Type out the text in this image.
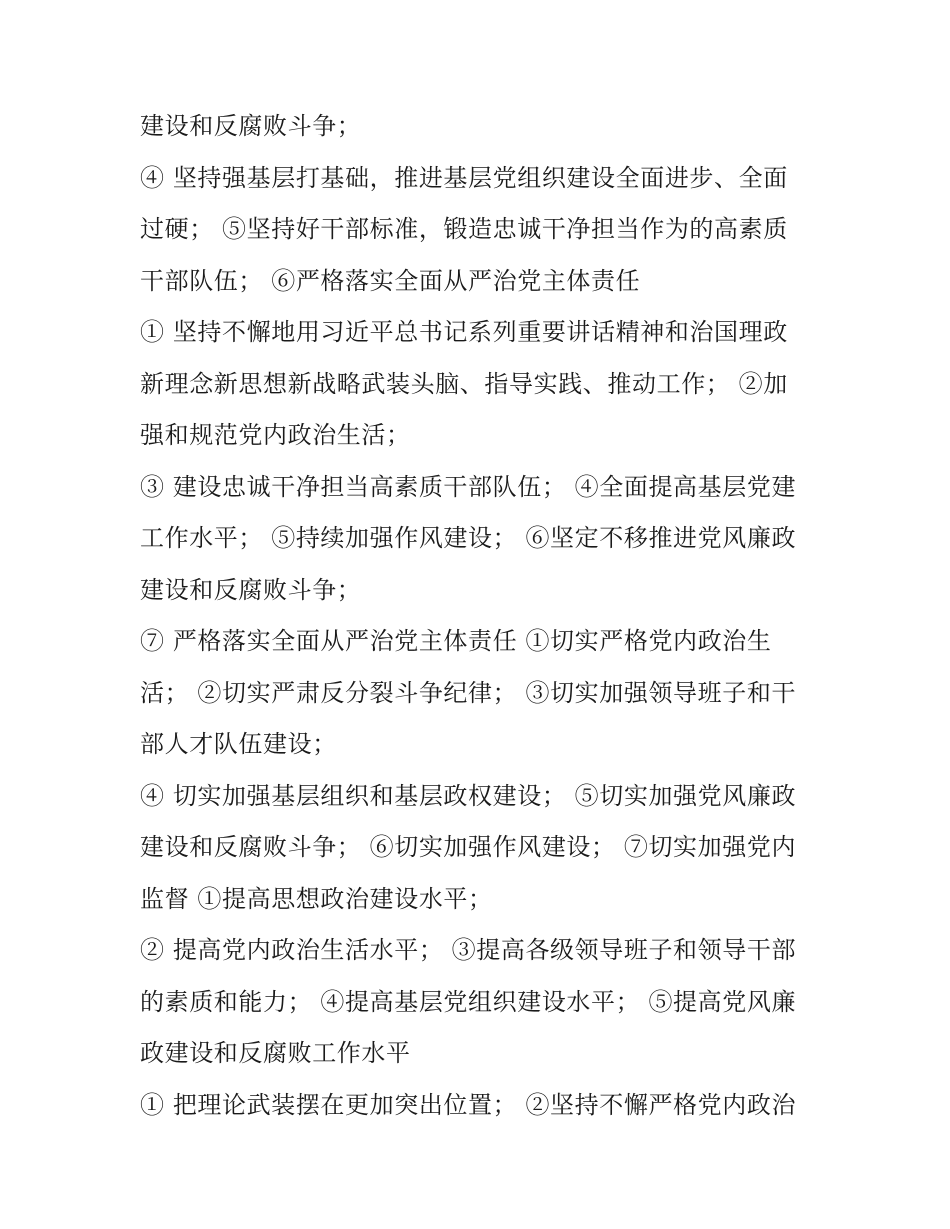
建设和反腐败斗争；
④ 坚持强基层打基础，推进基层党组织建设全面进步、全面
过硬； ⑤坚持好干部标准，锻造忠诚干净担当作为的高素质
干部队伍； ⑥严格落实全面从严治党主体责任
① 坚持不懈地用习近平总书记系列重要讲话精神和治国理政
新理念新思想新战略武装头脑、指导实践、推动工作； ②加
强和规范党内政治生活；
③ 建设忠诚干净担当高素质干部队伍； ④全面提高基层党建
工作水平； ⑤持续加强作风建设； ⑥坚定不移推进党风廉政
建设和反腐败斗争；
⑦ 严格落实全面从严治党主体责任 ①切实严格党内政治生
活； ②切实严肃反分裂斗争纪律； ③切实加强领导班子和干
部人才队伍建设；
④ 切实加强基层组织和基层政权建设； ⑤切实加强党风廉政
建设和反腐败斗争； ⑥切实加强作风建设； ⑦切实加强党内
监督 ①提高思想政治建设水平；
② 提高党内政治生活水平； ③提高各级领导班子和领导干部
的素质和能力； ④提高基层党组织建设水平； ⑤提高党风廉
政建设和反腐败工作水平
① 把理论武装摆在更加突出位置； ②坚持不懈严格党内政治
